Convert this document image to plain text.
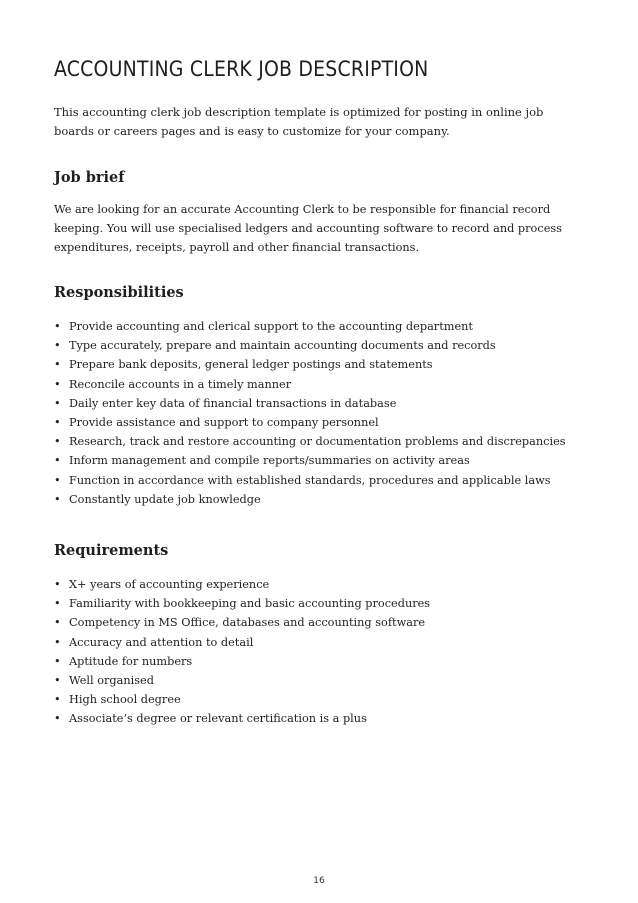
ACCOUNTING CLERK JOB DESCRIPTION

This accounting clerk job description template is optimized for posting in online job boards or careers pages and is easy to customize for your company.

Job brief

We are looking for an accurate Accounting Clerk to be responsible for financial record keeping. You will use specialised ledgers and accounting software to record and process expenditures, receipts, payroll and other financial transactions.

Responsibilities
• Provide accounting and clerical support to the accounting department
• Type accurately, prepare and maintain accounting documents and records
• Prepare bank deposits, general ledger postings and statements
• Reconcile accounts in a timely manner
• Daily enter key data of financial transactions in database
• Provide assistance and support to company personnel
• Research, track and restore accounting or documentation problems and discrepancies
• Inform management and compile reports/summaries on activity areas
• Function in accordance with established standards, procedures and applicable laws
• Constantly update job knowledge
Requirements
• X+ years of accounting experience
• Familiarity with bookkeeping and basic accounting procedures
• Competency in MS Office, databases and accounting software
• Accuracy and attention to detail
• Aptitude for numbers
• Well organised
• High school degree
• Associate’s degree or relevant certification is a plus
16
